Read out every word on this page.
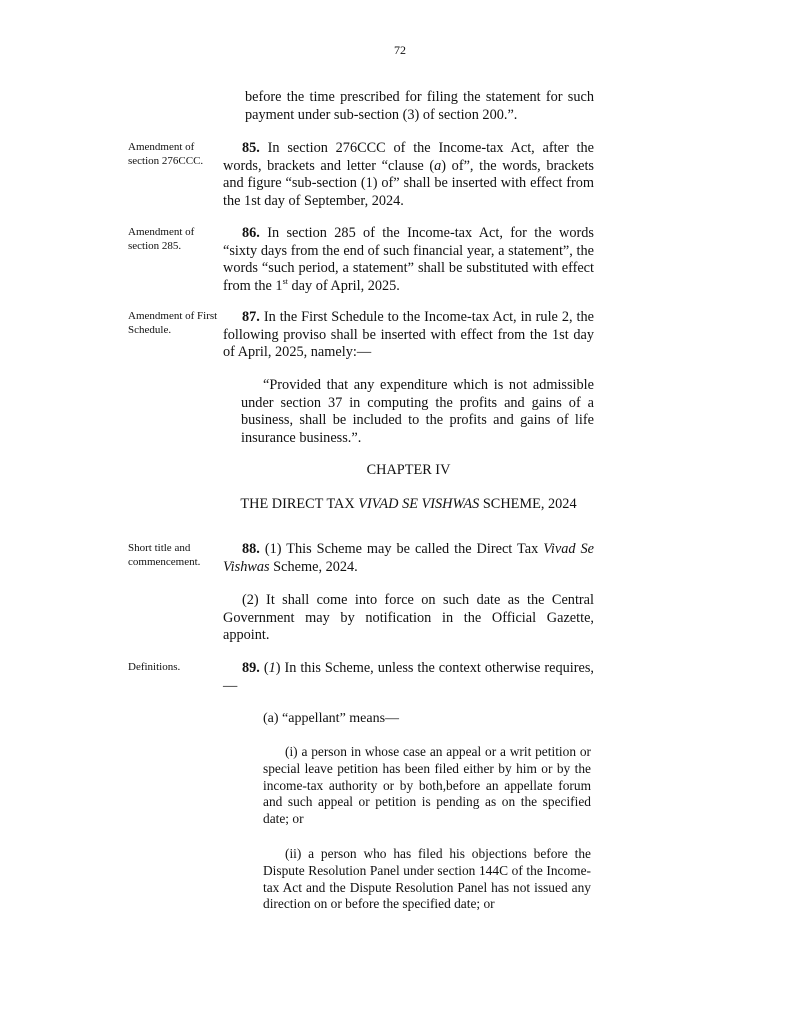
72
before the time prescribed for filing the statement for such payment under sub-section (3) of section 200.”.
Amendment of section 276CCC.
85. In section 276CCC of the Income-tax Act, after the words, brackets and letter “clause (a) of”, the words, brackets and figure “sub-section (1) of” shall be inserted with effect from the 1st day of September, 2024.
Amendment of section 285.
86. In section 285 of the Income-tax Act, for the words “sixty days from the end of such financial year, a statement”, the words “such period, a statement” shall be substituted with effect from the 1st day of April, 2025.
Amendment of First Schedule.
87. In the First Schedule to the Income-tax Act, in rule 2, the following proviso shall be inserted with effect from the 1st day of April, 2025, namely:—
“Provided that any expenditure which is not admissible under section 37 in computing the profits and gains of a business, shall be included to the profits and gains of life insurance business.”.
CHAPTER IV
THE DIRECT TAX VIVAD SE VISHWAS SCHEME, 2024
Short title and commencement.
88. (1) This Scheme may be called the Direct Tax Vivad Se Vishwas Scheme, 2024.
(2) It shall come into force on such date as the Central Government may by notification in the Official Gazette, appoint.
Definitions.	89. (1) In this Scheme, unless the context otherwise requires,—
(a) “appellant” means—
(i) a person in whose case an appeal or a writ petition or special leave petition has been filed either by him or by the income-tax authority or by both,before an appellate forum and such appeal or petition is pending as on the specified date; or
(ii) a person who has filed his objections before the Dispute Resolution Panel under section 144C of the Income-tax Act and the Dispute Resolution Panel has not issued any direction on or before the specified date; or
